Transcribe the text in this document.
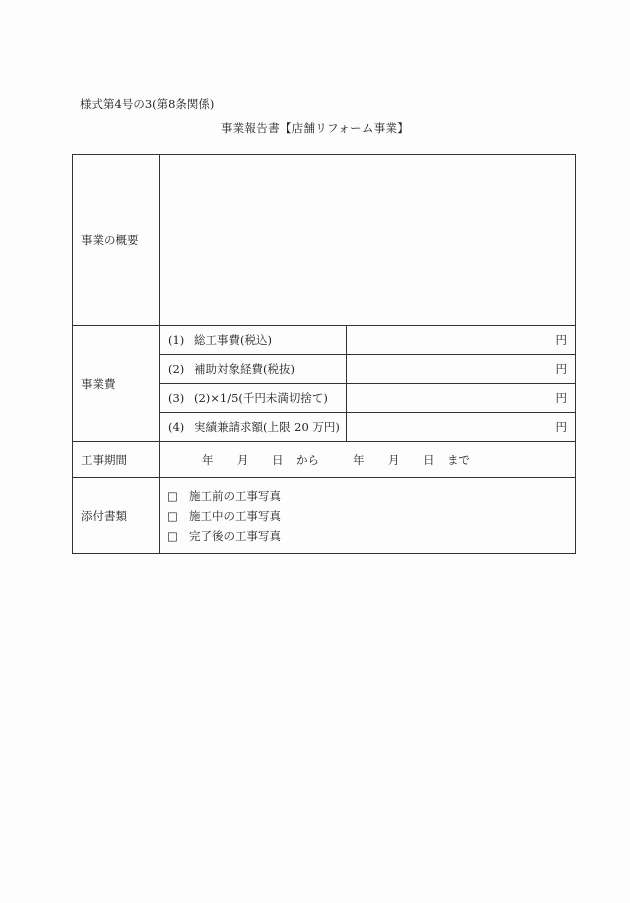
様式第4号の3(第8条関係)
事業報告書【店舗リフォーム事業】
事業の概要		
事業費	(1) 総工事費(税込)	円
	(2) 補助対象経費(税抜)	円
	(3) (2)×1/5(千円未満切捨て)	円
	(4) 実績兼請求額(上限 20 万円)	円
工事期間	年 月 日 から 年 月 日 まで	
添付書類	□ 施工前の工事写真
□ 施工中の工事写真
□ 完了後の工事写真	
